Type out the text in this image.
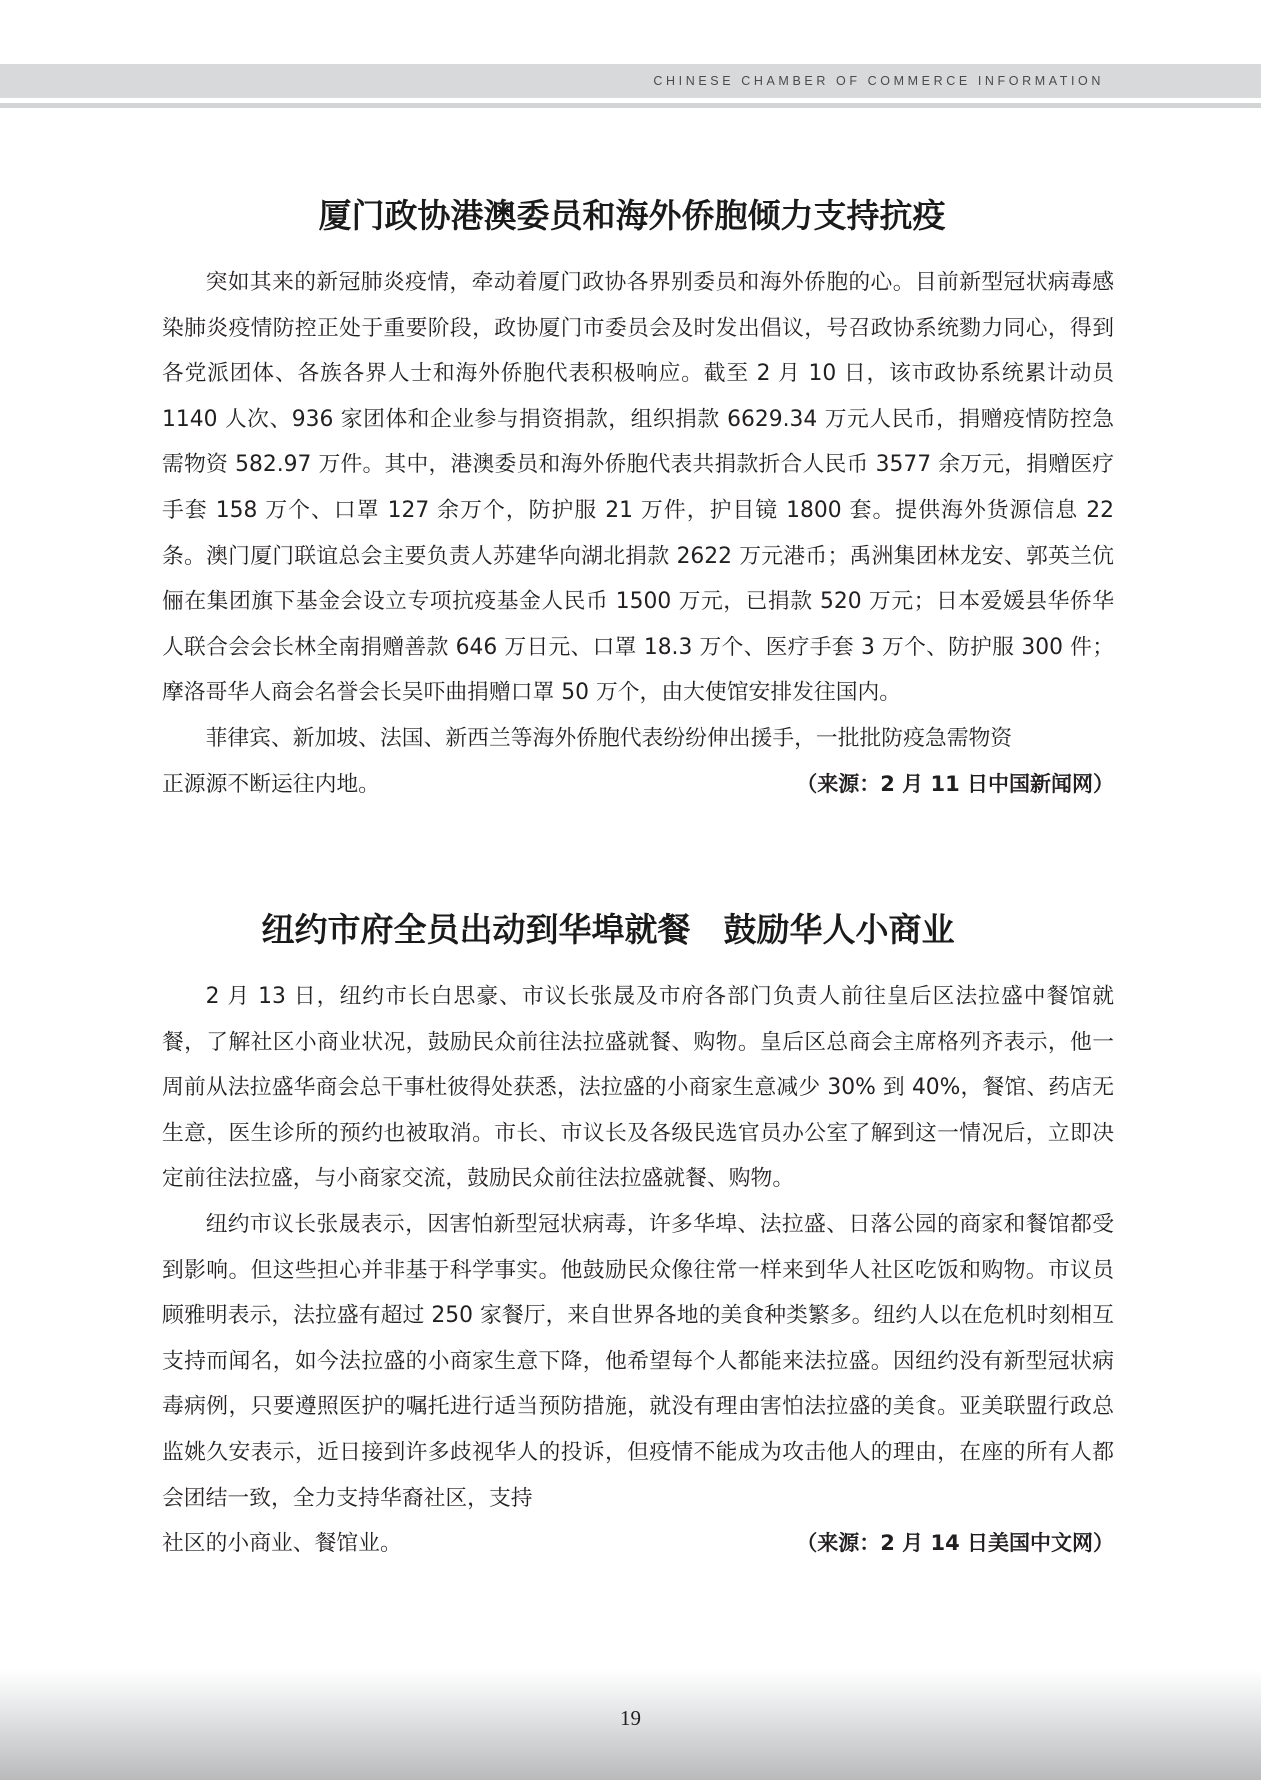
CHINESE CHAMBER OF COMMERCE INFORMATION
厦门政协港澳委员和海外侨胞倾力支持抗疫

突如其来的新冠肺炎疫情，牵动着厦门政协各界别委员和海外侨胞的心。目前新型冠状病毒感染肺炎疫情防控正处于重要阶段，政协厦门市委员会及时发出倡议，号召政协系统勠力同心，得到各党派团体、各族各界人士和海外侨胞代表积极响应。截至 2 月 10 日，该市政协系统累计动员 1140 人次、936 家团体和企业参与捐资捐款，组织捐款 6629.34 万元人民币，捐赠疫情防控急需物资 582.97 万件。其中，港澳委员和海外侨胞代表共捐款折合人民币 3577 余万元，捐赠医疗手套 158 万个、口罩 127 余万个，防护服 21 万件，护目镜 1800 套。提供海外货源信息 22 条。澳门厦门联谊总会主要负责人苏建华向湖北捐款 2622 万元港币；禹洲集团林龙安、郭英兰伉俪在集团旗下基金会设立专项抗疫基金人民币 1500 万元，已捐款 520 万元；日本爱媛县华侨华人联合会会长林全南捐赠善款 646 万日元、口罩 18.3 万个、医疗手套 3 万个、防护服 300 件；摩洛哥华人商会名誉会长吴吓曲捐赠口罩 50 万个，由大使馆安排发往国内。

菲律宾、新加坡、法国、新西兰等海外侨胞代表纷纷伸出援手，一批批防疫急需物资

正源源不断运往内地。	（来源：2 月 11 日中国新闻网）
纽约市府全员出动到华埠就餐　鼓励华人小商业

2 月 13 日，纽约市长白思豪、市议长张晟及市府各部门负责人前往皇后区法拉盛中餐馆就餐，了解社区小商业状况，鼓励民众前往法拉盛就餐、购物。皇后区总商会主席格列齐表示，他一周前从法拉盛华商会总干事杜彼得处获悉，法拉盛的小商家生意减少 30% 到 40%，餐馆、药店无生意，医生诊所的预约也被取消。市长、市议长及各级民选官员办公室了解到这一情况后，立即决定前往法拉盛，与小商家交流，鼓励民众前往法拉盛就餐、购物。

纽约市议长张晟表示，因害怕新型冠状病毒，许多华埠、法拉盛、日落公园的商家和餐馆都受到影响。但这些担心并非基于科学事实。他鼓励民众像往常一样来到华人社区吃饭和购物。市议员顾雅明表示，法拉盛有超过 250 家餐厅，来自世界各地的美食种类繁多。纽约人以在危机时刻相互支持而闻名，如今法拉盛的小商家生意下降，他希望每个人都能来法拉盛。因纽约没有新型冠状病毒病例，只要遵照医护的嘱托进行适当预防措施，就没有理由害怕法拉盛的美食。亚美联盟行政总监姚久安表示，近日接到许多歧视华人的投诉，但疫情不能成为攻击他人的理由，在座的所有人都会团结一致，全力支持华裔社区，支持

社区的小商业、餐馆业。	（来源：2 月 14 日美国中文网）
19
